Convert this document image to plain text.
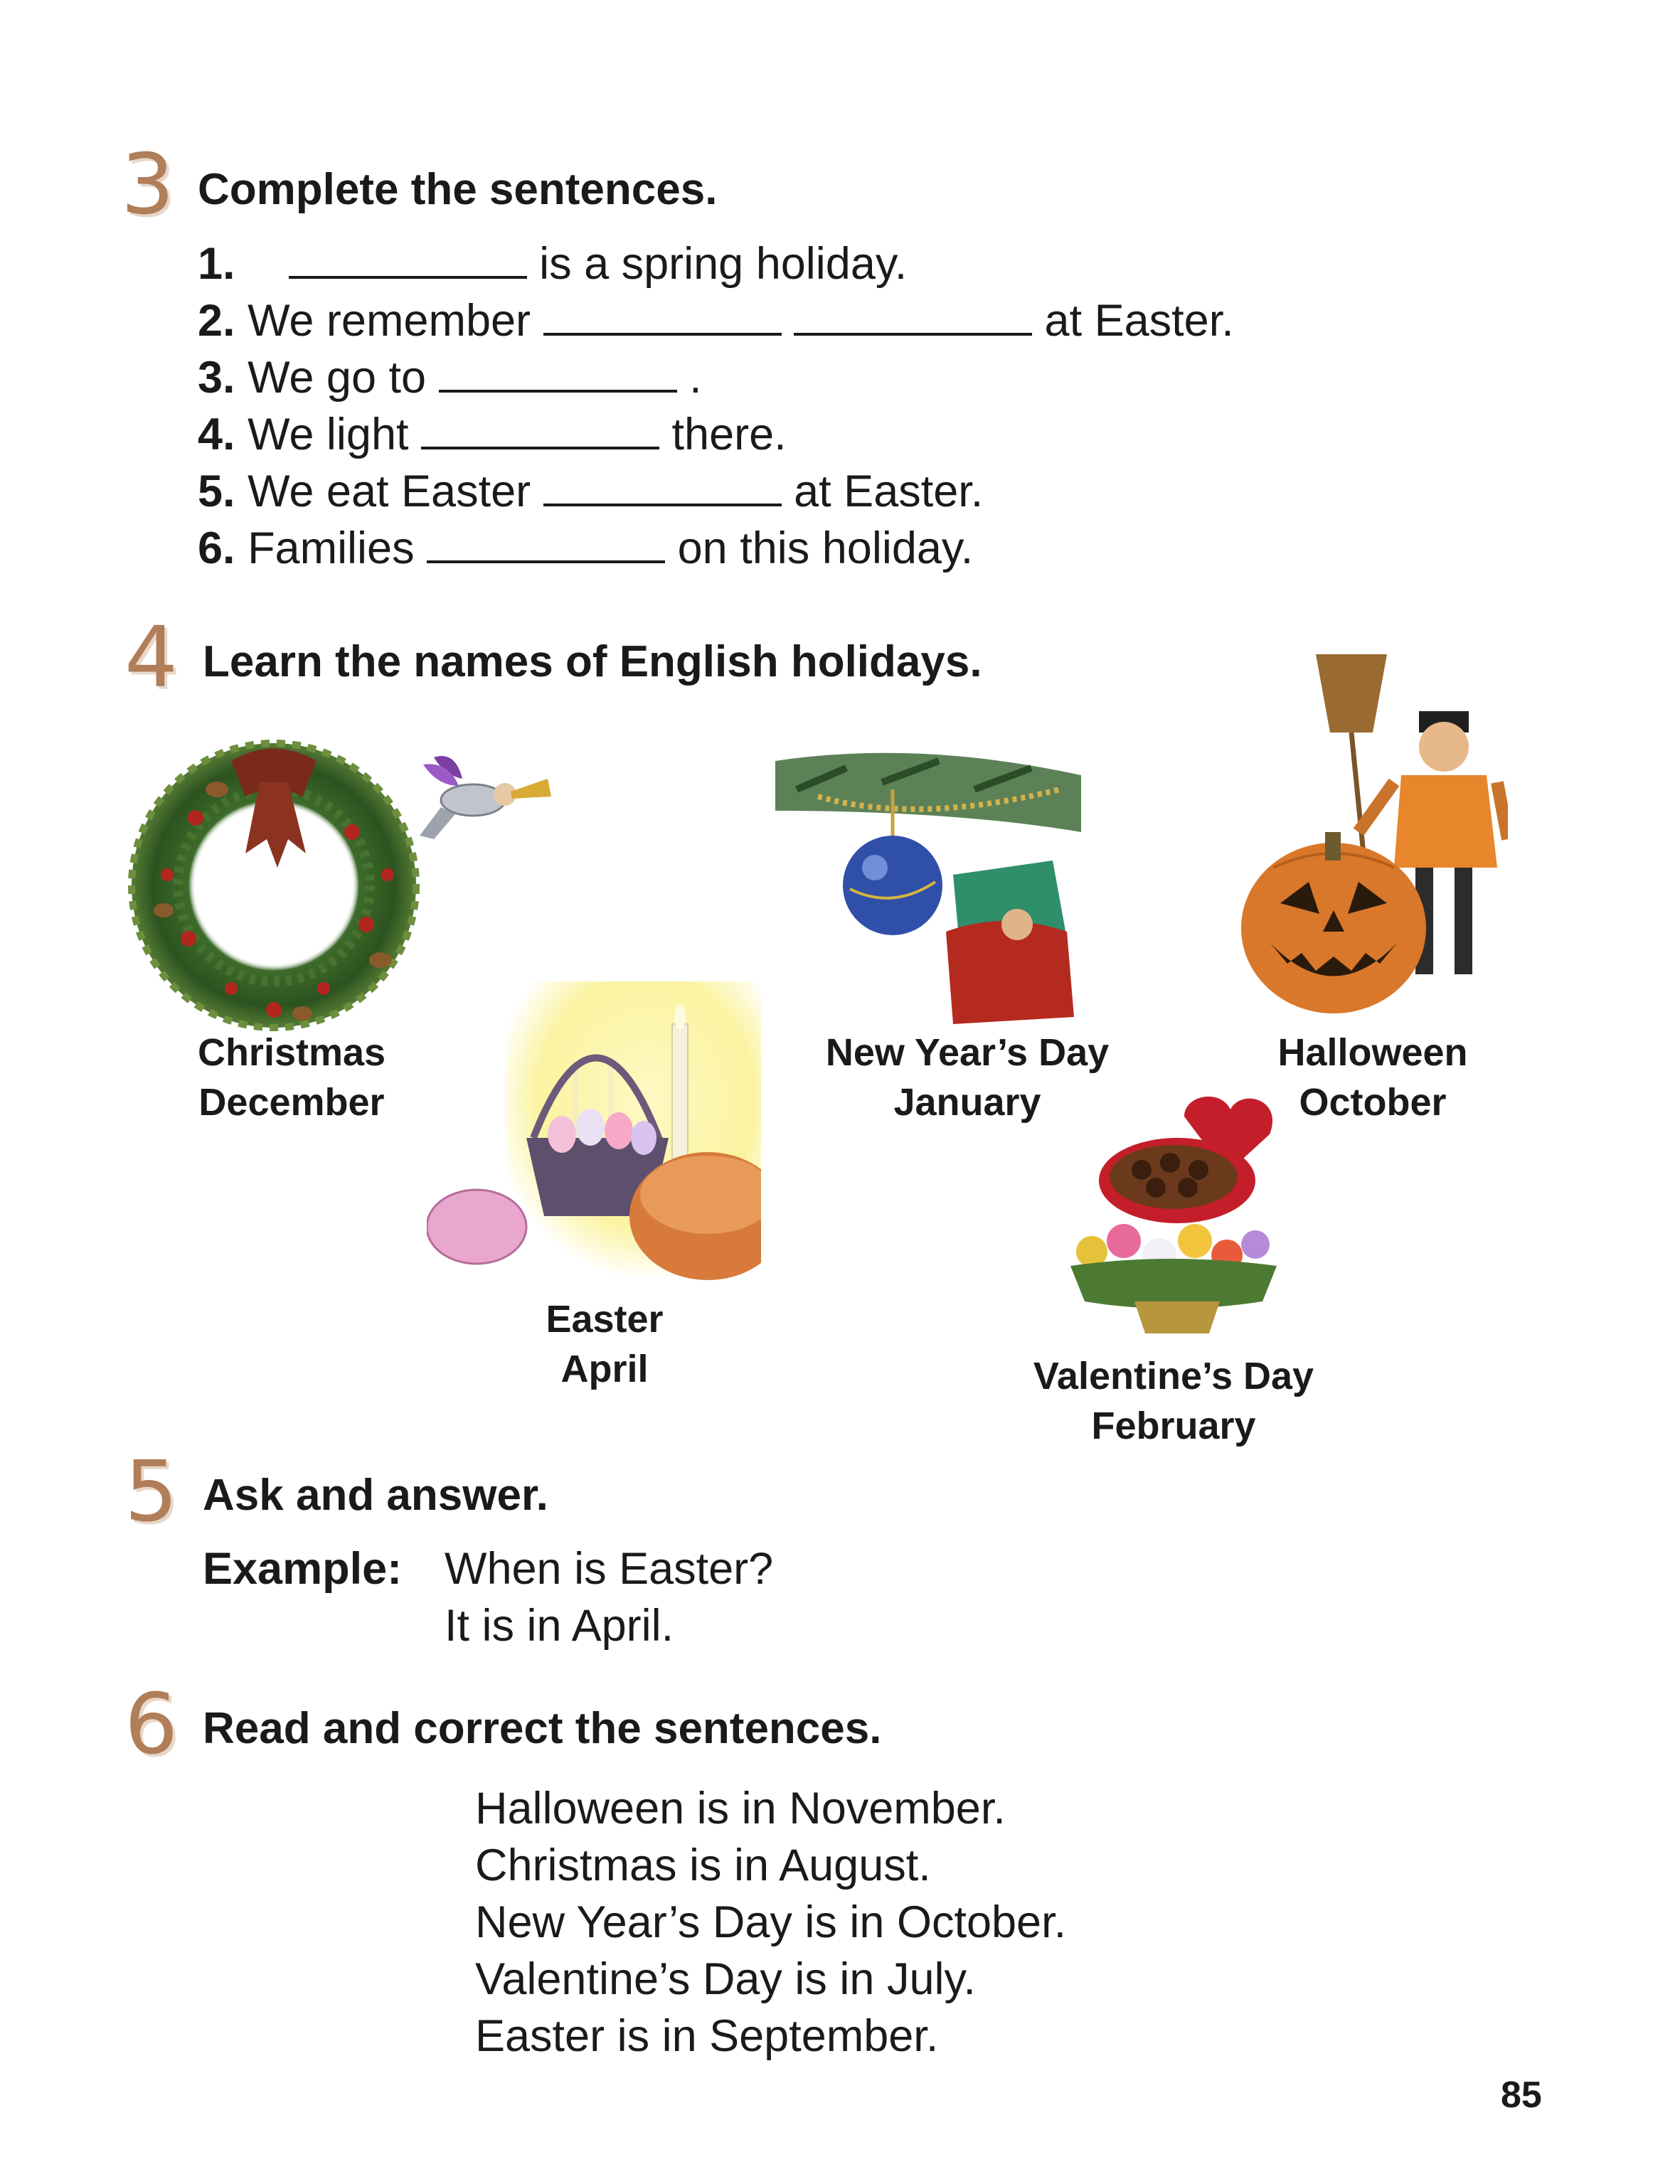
3 Complete the sentences.
1.	is a spring holiday.
2. We remember	at Easter.
3. We go to	.
4. We light	there.
5. We eat Easter	at Easter.
6. Families	on this holiday.
4 Learn the names of English holidays.
Christmas
December
Easter
April
New Year’s Day
January
Halloween
October
Valentine’s Day
February
5 Ask and answer.
Example: When is Easter?
It is in April.
6 Read and correct the sentences.
Halloween is in November.
Christmas is in August.
New Year’s Day is in October.
Valentine’s Day is in July.
Easter is in September.
85
